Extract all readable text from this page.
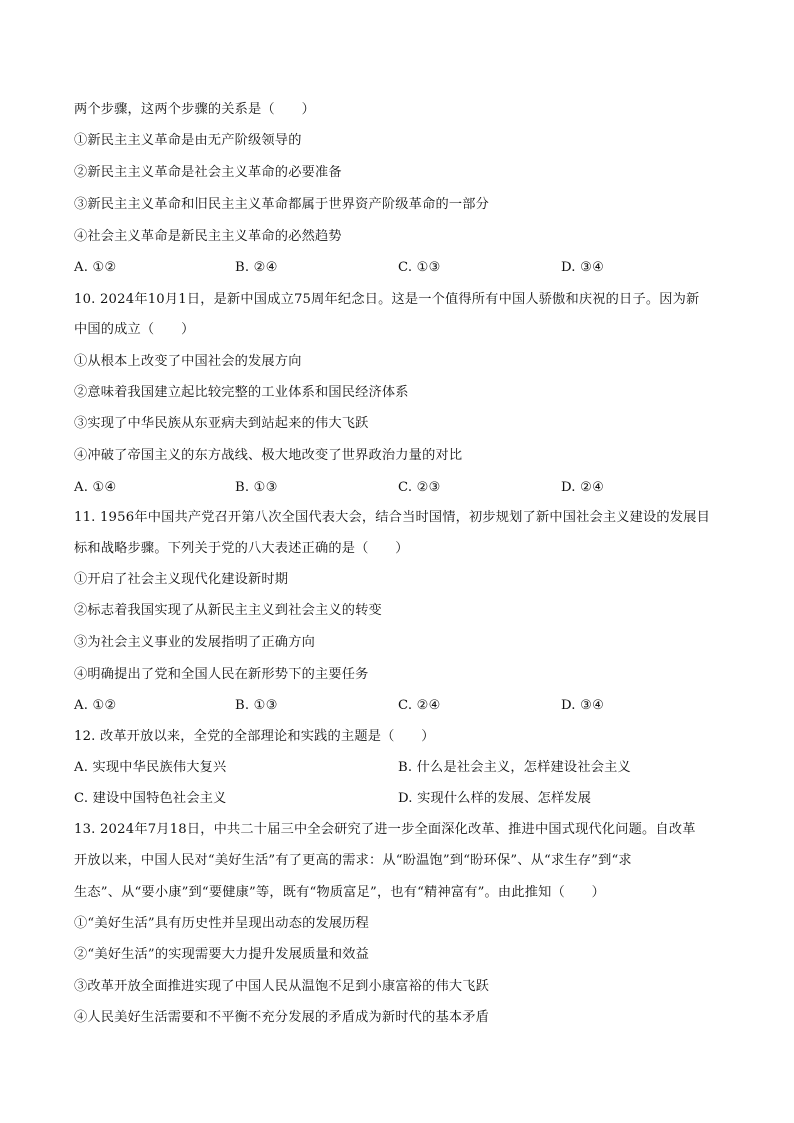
两个步骤，这两个步骤的关系是（　　）
①新民主主义革命是由无产阶级领导的
②新民主主义革命是社会主义革命的必要准备
③新民主主义革命和旧民主主义革命都属于世界资产阶级革命的一部分
④社会主义革命是新民主主义革命的必然趋势
A. ①②	B. ②④	C. ①③	D. ③④
10. 2024年10月1日，是新中国成立75周年纪念日。这是一个值得所有中国人骄傲和庆祝的日子。因为新
中国的成立（　　）
①从根本上改变了中国社会的发展方向
②意味着我国建立起比较完整的工业体系和国民经济体系
③实现了中华民族从东亚病夫到站起来的伟大飞跃
④冲破了帝国主义的东方战线、极大地改变了世界政治力量的对比
A. ①④	B. ①③	C. ②③	D. ②④
11. 1956年中国共产党召开第八次全国代表大会，结合当时国情，初步规划了新中国社会主义建设的发展目
标和战略步骤。下列关于党的八大表述正确的是（　　）
①开启了社会主义现代化建设新时期
②标志着我国实现了从新民主主义到社会主义的转变
③为社会主义事业的发展指明了正确方向
④明确提出了党和全国人民在新形势下的主要任务
A. ①②	B. ①③	C. ②④	D. ③④
12. 改革开放以来，全党的全部理论和实践的主题是（　　）
A. 实现中华民族伟大复兴	B. 什么是社会主义，怎样建设社会主义
C. 建设中国特色社会主义	D. 实现什么样的发展、怎样发展
13. 2024年7月18日，中共二十届三中全会研究了进一步全面深化改革、推进中国式现代化问题。自改革
开放以来，中国人民对“美好生活”有了更高的需求：从“盼温饱”到“盼环保”、从“求生存”到“求
生态”、从“要小康”到“要健康”等，既有“物质富足”，也有“精神富有”。由此推知（　　）
①“美好生活”具有历史性并呈现出动态的发展历程
②“美好生活”的实现需要大力提升发展质量和效益
③改革开放全面推进实现了中国人民从温饱不足到小康富裕的伟大飞跃
④人民美好生活需要和不平衡不充分发展的矛盾成为新时代的基本矛盾
